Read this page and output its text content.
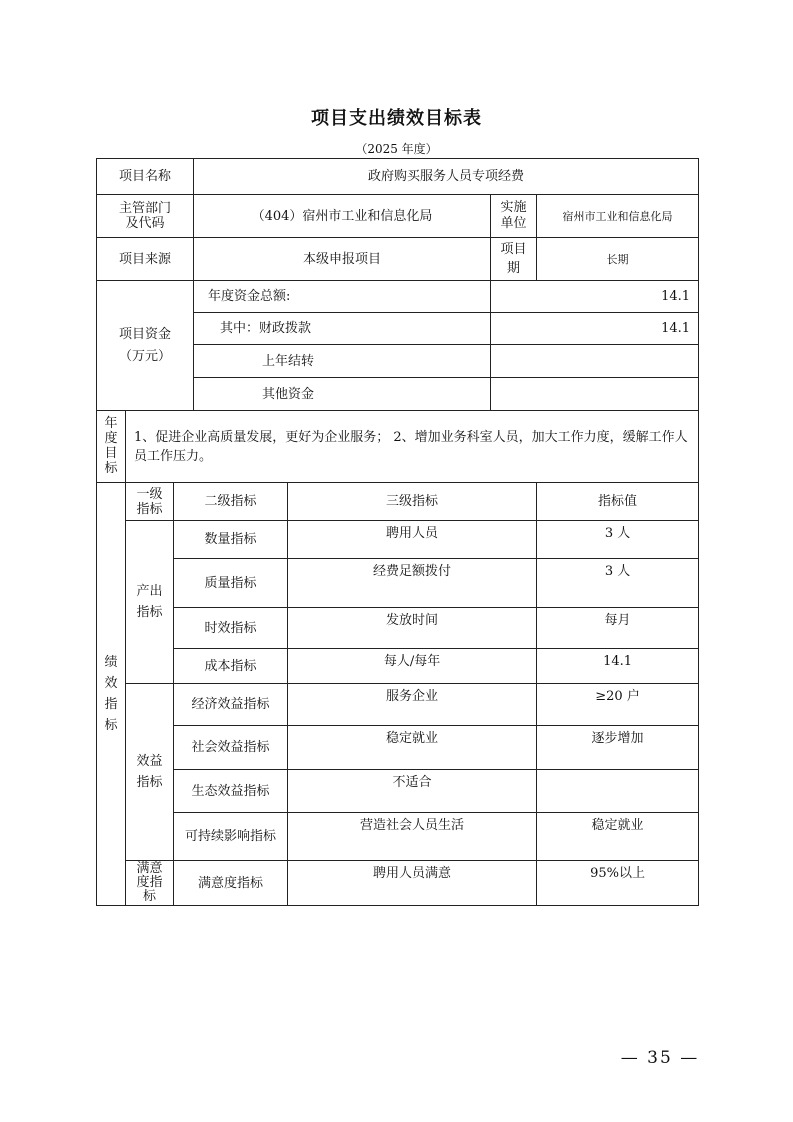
项目支出绩效目标表
（2025 年度）
项目名称			政府购买服务人员专项经费			

主管部门及代码			（404）宿州市工业和信息化局		实施单位	宿州市工业和信息化局
项目来源			本级申报项目		项目期	长期

项目资金（万元）			年度资金总额:		14.1	
			其中：财政拨款		14.1	
			上年结转			
			其他资金			
年度目标	1、促进企业高质量发展，更好为企业服务； 2、增加业务科室人员，加大工作力度，缓解工作人员工作压力。					
绩效指标	一级指标	二级指标		三级指标		指标值

	产出指标	数量指标		聘用人员		3 人
		质量指标		经费足额拨付		3 人
		时效指标		发放时间		每月
		成本指标		每人/每年		14.1

	效益指标	经济效益指标		服务企业		≥20 户
		社会效益指标		稳定就业		逐步增加
		生态效益指标		不适合		
		可持续影响指标		营造社会人员生活		稳定就业

	满意度指标	满意度指标		聘用人员满意		95%以上
— 35 —
